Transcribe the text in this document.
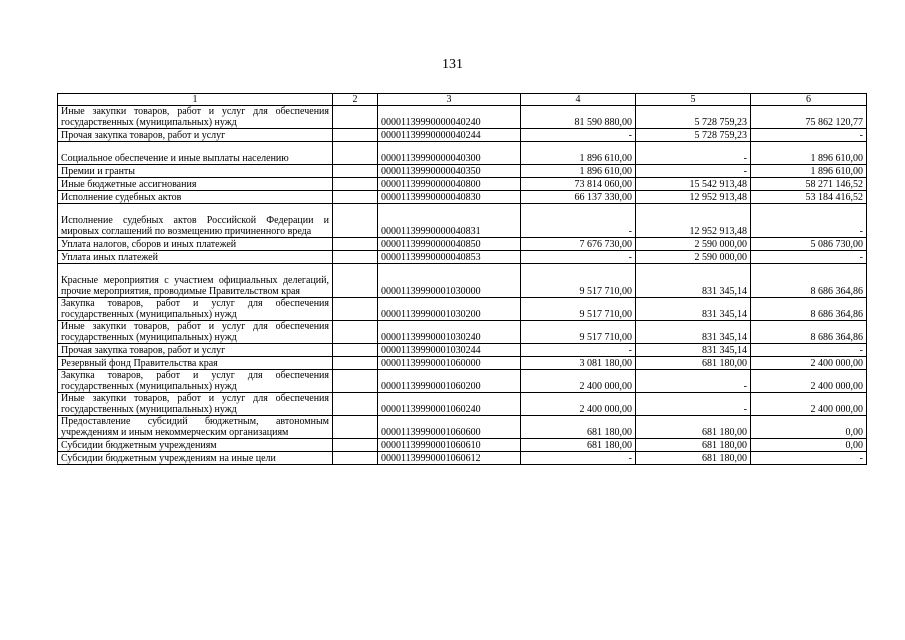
131
1	2	3	4	5	6
Иные закупки товаров, работ и услуг для обеспечения государственных (муниципальных) нужд		00001139990000040240	81 590 880,00	5 728 759,23	75 862 120,77
Прочая закупка товаров, работ и услуг		00001139990000040244	-	5 728 759,23	-
Социальное обеспечение и иные выплаты населению		00001139990000040300	1 896 610,00	-	1 896 610,00
Премии и гранты		00001139990000040350	1 896 610,00	-	1 896 610,00
Иные бюджетные ассигнования		00001139990000040800	73 814 060,00	15 542 913,48	58 271 146,52
Исполнение судебных актов		00001139990000040830	66 137 330,00	12 952 913,48	53 184 416,52
Исполнение судебных актов Российской Федерации и мировых соглашений по возмещению причиненного вреда		00001139990000040831	-	12 952 913,48	-
Уплата налогов, сборов и иных платежей		00001139990000040850	7 676 730,00	2 590 000,00	5 086 730,00
Уплата иных платежей		00001139990000040853	-	2 590 000,00	-
Красные мероприятия с участием официальных делегаций, прочие мероприятия, проводимые Правительством края		00001139990001030000	9 517 710,00	831 345,14	8 686 364,86
Закупка товаров, работ и услуг для обеспечения государственных (муниципальных) нужд		00001139990001030200	9 517 710,00	831 345,14	8 686 364,86
Иные закупки товаров, работ и услуг для обеспечения государственных (муниципальных) нужд		00001139990001030240	9 517 710,00	831 345,14	8 686 364,86
Прочая закупка товаров, работ и услуг		00001139990001030244	-	831 345,14	-
Резервный фонд Правительства края		00001139990001060000	3 081 180,00	681 180,00	2 400 000,00
Закупка товаров, работ и услуг для обеспечения государственных (муниципальных) нужд		00001139990001060200	2 400 000,00	-	2 400 000,00
Иные закупки товаров, работ и услуг для обеспечения государственных (муниципальных) нужд		00001139990001060240	2 400 000,00	-	2 400 000,00
Предоставление субсидий бюджетным, автономным учреждениям и иным некоммерческим организациям		00001139990001060600	681 180,00	681 180,00	0,00
Субсидии бюджетным учреждениям		00001139990001060610	681 180,00	681 180,00	0,00
Субсидии бюджетным учреждениям на иные цели		00001139990001060612	-	681 180,00	-
